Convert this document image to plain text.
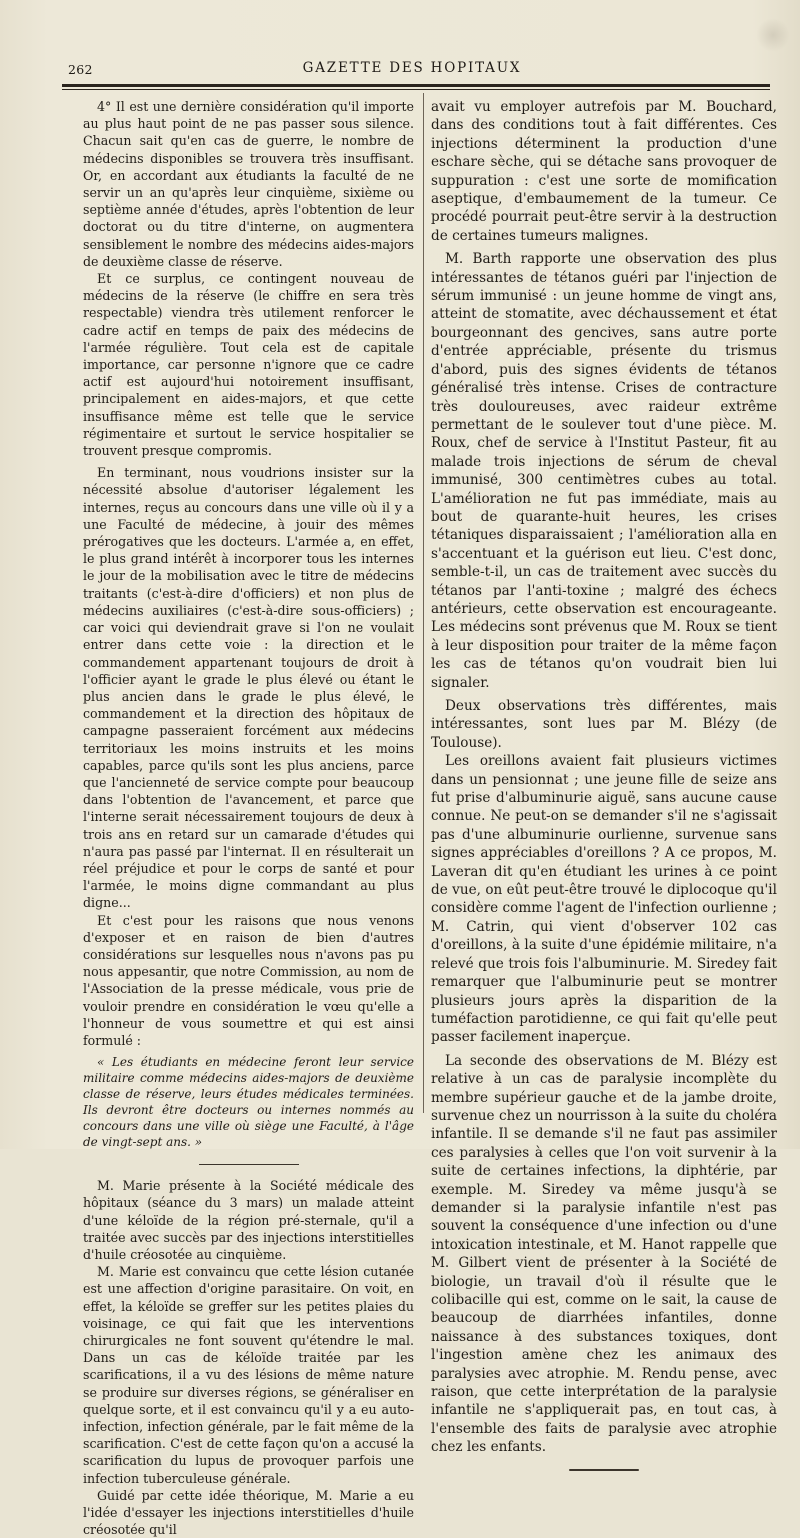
262	GAZETTE DES HOPITAUX

4° Il est une dernière considération qu'il importe au plus haut point de ne pas passer sous silence. Chacun sait qu'en cas de guerre, le nombre de médecins disponibles se trouvera très insuffisant. Or, en accordant aux étudiants la faculté de ne servir un an qu'après leur cinquième, sixième ou septième année d'études, après l'obtention de leur doctorat ou du titre d'interne, on augmentera sensiblement le nombre des médecins aides-majors de deuxième classe de réserve.

Et ce surplus, ce contingent nouveau de médecins de la réserve (le chiffre en sera très respectable) viendra très utilement renforcer le cadre actif en temps de paix des médecins de l'armée régulière. Tout cela est de capitale importance, car personne n'ignore que ce cadre actif est aujourd'hui notoirement insuffisant, principalement en aides-majors, et que cette insuffisance même est telle que le service régimentaire et surtout le service hospitalier se trouvent presque compromis.

En terminant, nous voudrions insister sur la nécessité absolue d'autoriser légalement les internes, reçus au concours dans une ville où il y a une Faculté de médecine, à jouir des mêmes prérogatives que les docteurs. L'armée a, en effet, le plus grand intérêt à incorporer tous les internes le jour de la mobilisation avec le titre de médecins traitants (c'est-à-dire d'officiers) et non plus de médecins auxiliaires (c'est-à-dire sous-officiers) ; car voici qui deviendrait grave si l'on ne voulait entrer dans cette voie : la direction et le commandement appartenant toujours de droit à l'officier ayant le grade le plus élevé ou étant le plus ancien dans le grade le plus élevé, le commandement et la direction des hôpitaux de campagne passeraient forcément aux médecins territoriaux les moins instruits et les moins capables, parce qu'ils sont les plus anciens, parce que l'ancienneté de service compte pour beaucoup dans l'obtention de l'avancement, et parce que l'interne serait nécessairement toujours de deux à trois ans en retard sur un camarade d'études qui n'aura pas passé par l'internat. Il en résulterait un réel préjudice et pour le corps de santé et pour l'armée, le moins digne commandant au plus digne...

Et c'est pour les raisons que nous venons d'exposer et en raison de bien d'autres considérations sur lesquelles nous n'avons pas pu nous appesantir, que notre Commission, au nom de l'Association de la presse médicale, vous prie de vouloir prendre en considération le vœu qu'elle a l'honneur de vous soumettre et qui est ainsi formulé :

« Les étudiants en médecine feront leur service militaire comme médecins aides-majors de deuxième classe de réserve, leurs études médicales terminées. Ils devront être docteurs ou internes nommés au concours dans une ville où siège une Faculté, à l'âge de vingt-sept ans. »

M. Marie présente à la Société médicale des hôpitaux (séance du 3 mars) un malade atteint d'une kéloïde de la région pré-sternale, qu'il a traitée avec succès par des injections interstitielles d'huile créosotée au cinquième.

M. Marie est convaincu que cette lésion cutanée est une affection d'origine parasitaire. On voit, en effet, la kéloïde se greffer sur les petites plaies du voisinage, ce qui fait que les interventions chirurgicales ne font souvent qu'étendre le mal. Dans un cas de kéloïde traitée par les scarifications, il a vu des lésions de même nature se produire sur diverses régions, se généraliser en quelque sorte, et il est convaincu qu'il y a eu auto-infection, infection générale, par le fait même de la scarification. C'est de cette façon qu'on a accusé la scarification du lupus de provoquer parfois une infection tuberculeuse générale.

Guidé par cette idée théorique, M. Marie a eu l'idée d'essayer les injections interstitielles d'huile créosotée qu'il

avait vu employer autrefois par M. Bouchard, dans des conditions tout à fait différentes. Ces injections déterminent la production d'une eschare sèche, qui se détache sans provoquer de suppuration : c'est une sorte de momification aseptique, d'embaumement de la tumeur. Ce procédé pourrait peut-être servir à la destruction de certaines tumeurs malignes.

M. Barth rapporte une observation des plus intéressantes de tétanos guéri par l'injection de sérum immunisé : un jeune homme de vingt ans, atteint de stomatite, avec déchaussement et état bourgeonnant des gencives, sans autre porte d'entrée appréciable, présente du trismus d'abord, puis des signes évidents de tétanos généralisé très intense. Crises de contracture très douloureuses, avec raideur extrême permettant de le soulever tout d'une pièce. M. Roux, chef de service à l'Institut Pasteur, fit au malade trois injections de sérum de cheval immunisé, 300 centimètres cubes au total. L'amélioration ne fut pas immédiate, mais au bout de quarante-huit heures, les crises tétaniques disparaissaient ; l'amélioration alla en s'accentuant et la guérison eut lieu. C'est donc, semble-t-il, un cas de traitement avec succès du tétanos par l'anti-toxine ; malgré des échecs antérieurs, cette observation est encourageante. Les médecins sont prévenus que M. Roux se tient à leur disposition pour traiter de la même façon les cas de tétanos qu'on voudrait bien lui signaler.

Deux observations très différentes, mais intéressantes, sont lues par M. Blézy (de Toulouse).

Les oreillons avaient fait plusieurs victimes dans un pensionnat ; une jeune fille de seize ans fut prise d'albuminurie aiguë, sans aucune cause connue. Ne peut-on se demander s'il ne s'agissait pas d'une albuminurie ourlienne, survenue sans signes appréciables d'oreillons ? A ce propos, M. Laveran dit qu'en étudiant les urines à ce point de vue, on eût peut-être trouvé le diplocoque qu'il considère comme l'agent de l'infection ourlienne ; M. Catrin, qui vient d'observer 102 cas d'oreillons, à la suite d'une épidémie militaire, n'a relevé que trois fois l'albuminurie. M. Siredey fait remarquer que l'albuminurie peut se montrer plusieurs jours après la disparition de la tuméfaction parotidienne, ce qui fait qu'elle peut passer facilement inaperçue.

La seconde des observations de M. Blézy est relative à un cas de paralysie incomplète du membre supérieur gauche et de la jambe droite, survenue chez un nourrisson à la suite du choléra infantile. Il se demande s'il ne faut pas assimiler ces paralysies à celles que l'on voit survenir à la suite de certaines infections, la diphtérie, par exemple. M. Siredey va même jusqu'à se demander si la paralysie infantile n'est pas souvent la conséquence d'une infection ou d'une intoxication intestinale, et M. Hanot rappelle que M. Gilbert vient de présenter à la Société de biologie, un travail d'où il résulte que le colibacille qui est, comme on le sait, la cause de beaucoup de diarrhées infantiles, donne naissance à des substances toxiques, dont l'ingestion amène chez les animaux des paralysies avec atrophie. M. Rendu pense, avec raison, que cette interprétation de la paralysie infantile ne s'appliquerait pas, en tout cas, à l'ensemble des faits de paralysie avec atrophie chez les enfants.
